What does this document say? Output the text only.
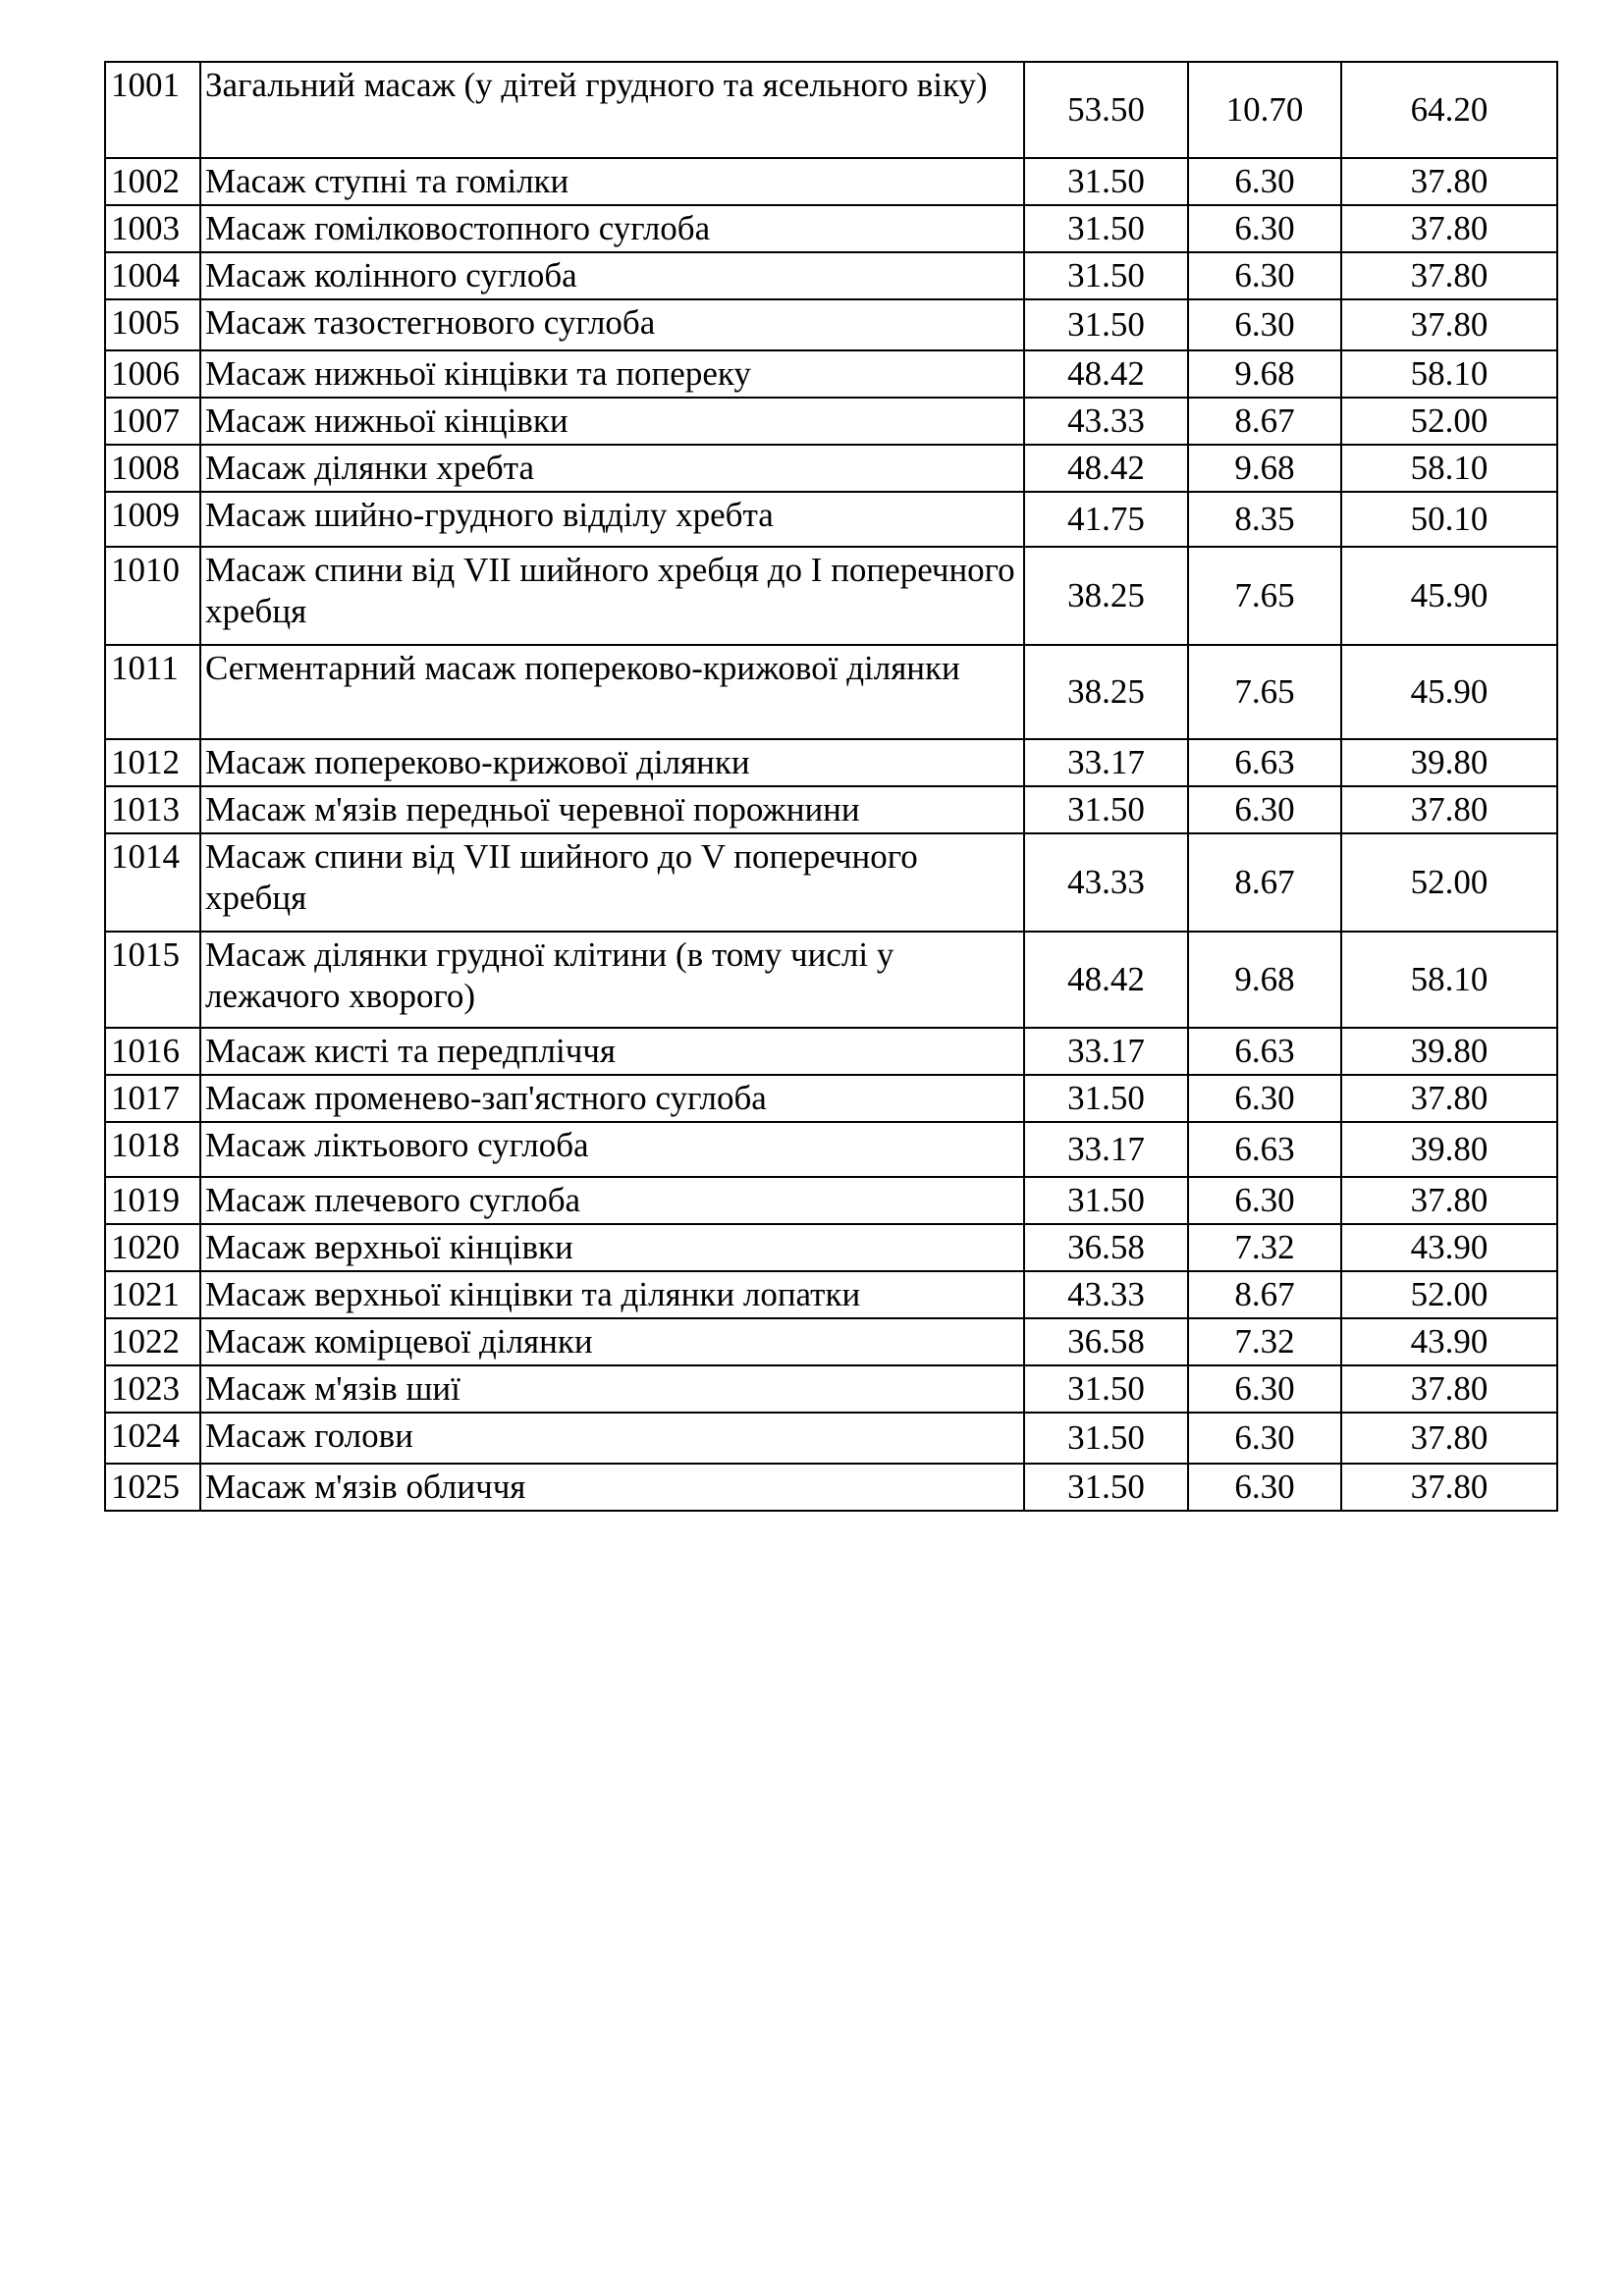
1001	Загальний масаж (у дітей грудного та ясельного віку)	53.50	10.70	64.20
1002	Масаж ступні та гомілки	31.50	6.30	37.80
1003	Масаж гомілковостопного суглоба	31.50	6.30	37.80
1004	Масаж колінного суглоба	31.50	6.30	37.80
1005	Масаж тазостегнового суглоба	31.50	6.30	37.80
1006	Масаж нижньої кінцівки та попереку	48.42	9.68	58.10
1007	Масаж нижньої кінцівки	43.33	8.67	52.00
1008	Масаж ділянки хребта	48.42	9.68	58.10
1009	Масаж шийно-грудного відділу хребта	41.75	8.35	50.10
1010	Масаж спини від VII шийного хребця до I поперечного хребця	38.25	7.65	45.90
1011	Сегментарний масаж попереково-крижової ділянки	38.25	7.65	45.90
1012	Масаж попереково-крижової ділянки	33.17	6.63	39.80
1013	Масаж м'язів передньої черевної порожнини	31.50	6.30	37.80
1014	Масаж спини від VII шийного до V поперечного хребця	43.33	8.67	52.00
1015	Масаж ділянки грудної клітини (в тому числі у лежачого хворого)	48.42	9.68	58.10
1016	Масаж кисті та передпліччя	33.17	6.63	39.80
1017	Масаж променево-зап'ястного суглоба	31.50	6.30	37.80
1018	Масаж ліктьового суглоба	33.17	6.63	39.80
1019	Масаж плечевого суглоба	31.50	6.30	37.80
1020	Масаж верхньої кінцівки	36.58	7.32	43.90
1021	Масаж верхньої кінцівки та ділянки лопатки	43.33	8.67	52.00
1022	Масаж комірцевої ділянки	36.58	7.32	43.90
1023	Масаж м'язів шиї	31.50	6.30	37.80
1024	Масаж голови	31.50	6.30	37.80
1025	Масаж м'язів обличчя	31.50	6.30	37.80
